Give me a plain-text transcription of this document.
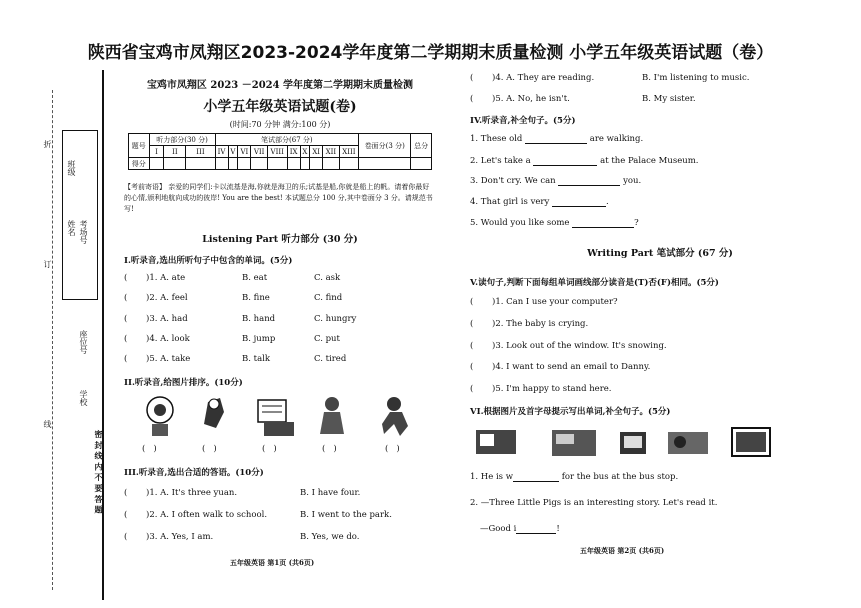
陕西省宝鸡市凤翔区2023-2024学年度第二学期期末质量检测 小学五年级英语试题（卷）
班级
姓名 考场号
座位号
学校
折
订
线
密 封 线 内 不 要 答 题
宝鸡市凤翔区 2023 －2024 学年度第二学期期末质量检测
小学五年级英语试题(卷)
(时间:70 分钟 满分:100 分)
题号	听力部分(30 分)			笔试部分(67 分)										卷面分(3 分)	总分
	I	II	III	IV	V	VI	VII	VIII	IX	X	XI	XII	XIII		
得分															
【考前寄语】 亲爱的同学们:卡以流基是海,你就是海卫的乐;试基是船,你就是船上的帆。请着你最好的心情,颁利地航向成功的彼岸! You are the best! 本试题总分 100 分,其中卷面分 3 分。请规范书写!
Listening Part 听力部分 (30 分)
I.听录音,选出所听句子中包含的单词。(5分)
( )1. A. ate	B. eat	C. ask
( )2. A. feel	B. fine	C. find
( )3. A. had	B. hand	C. hungry
( )4. A. look	B. jump	C. put
( )5. A. take	B. talk	C. tired
II.听录音,给图片排序。(10分)
(   )	(   )	(   )	(   )	(   )
III.听录音,选出合适的答语。(10分)
( )1. A. It's three yuan.	B. I have four.
( )2. A. I often walk to school.	B. I went to the park.
( )3. A. Yes, I am.	B. Yes, we do.
五年级英语 第1页 (共6页)
( )4. A. They are reading.	B. I'm listening to music.
( )5. A. No, he isn't.	B. My sister.
IV.听录音,补全句子。(5分)
1. These old	are walking.
2. Let's take a	at the Palace Museum.
3. Don't cry. We can	you.
4. That girl is very	.
5. Would you like some	?
Writing Part 笔试部分 (67 分)
V.读句子,判断下面每组单词画线部分读音是(T)否(F)相同。(5分)
( )1. Can I use your computer?
( )2. The baby is crying.
( )3. Look out of the window. It's snowing.
( )4. I want to send an email to Danny.
( )5. I'm happy to stand here.
VI.根据图片及首字母提示写出单词,补全句子。(5分)
1. He is w	for the bus at the bus stop.
2. —Three Little Pigs is an interesting story. Let's read it.
—Good i	!
五年级英语 第2页 (共6页)
